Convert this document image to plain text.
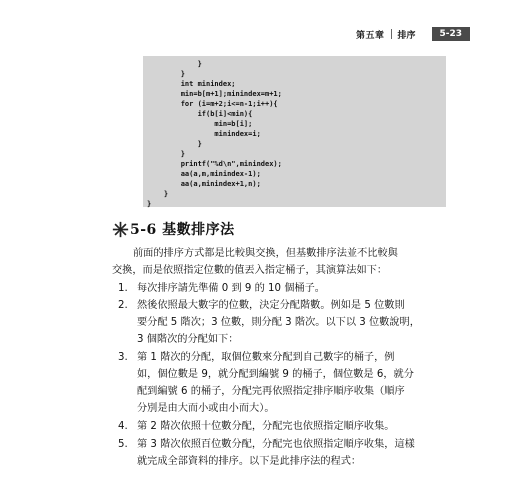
第五章 排序	5-23
}
}
int minindex;
min=b[m+1];minindex=m+1;
for (i=m+2;i<=n-1;i++){
if(b[i]<min){
min=b[i];
minindex=i;
}
}
printf("%d\n",minindex);
aa(a,m,minindex-1);
aa(a,minindex+1,n);
}
}
5-6 基數排序法
前面的排序方式都是比較與交換，但基數排序法並不比較與
交換，而是依照指定位數的值丟入指定桶子，其演算法如下：
1. 每次排序請先準備 0 到 9 的 10 個桶子。
2. 然後依照最大數字的位數，決定分配階數。例如是 5 位數則
要分配 5 階次；3 位數，則分配 3 階次。以下以 3 位數說明，
3 個階次的分配如下：
3. 第 1 階次的分配，取個位數來分配到自己數字的桶子，例
如，個位數是 9，就分配到編號 9 的桶子，個位數是 6，就分
配到編號 6 的桶子，分配完再依照指定排序順序收集（順序
分別是由大而小或由小而大）。
4. 第 2 階次依照十位數分配，分配完也依照指定順序收集。
5. 第 3 階次依照百位數分配，分配完也依照指定順序收集，這樣
就完成全部資料的排序。以下是此排序法的程式：
